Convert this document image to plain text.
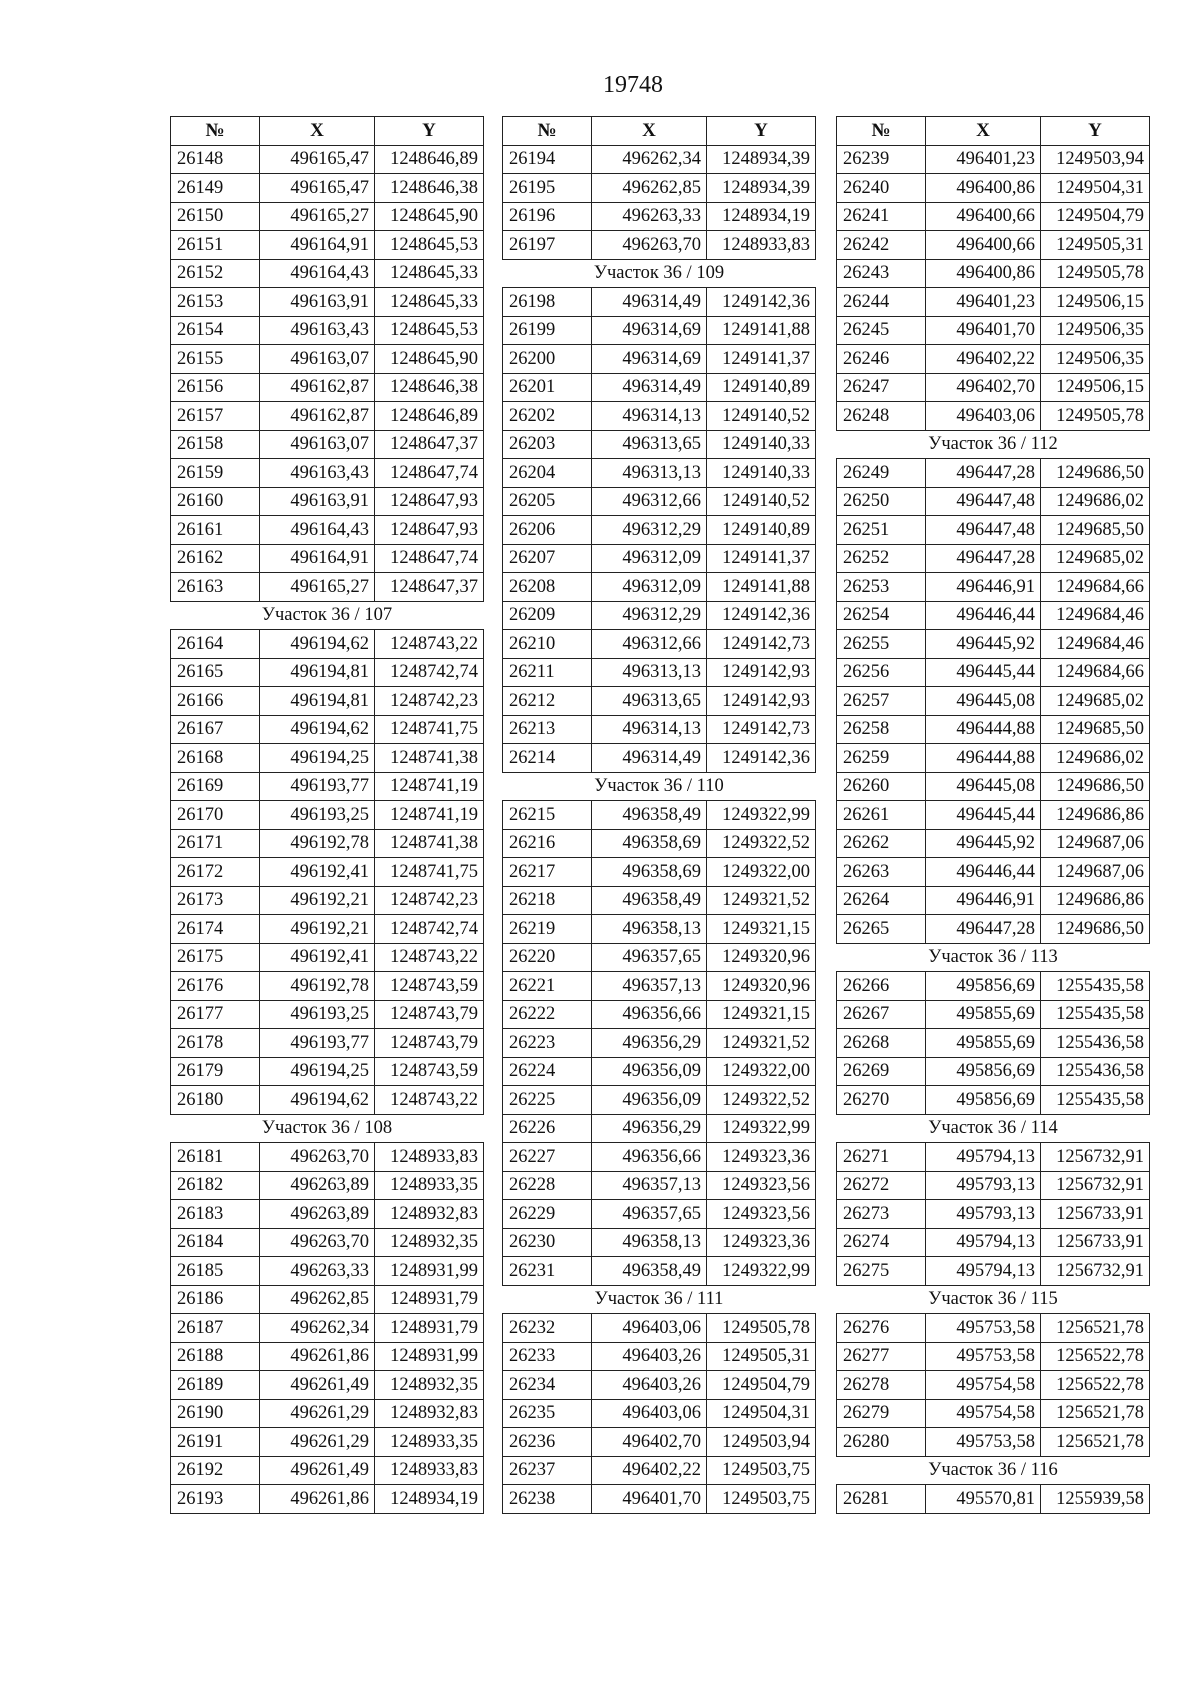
19748
№	X	Y
26148	496165,47	1248646,89
26149	496165,47	1248646,38
26150	496165,27	1248645,90
26151	496164,91	1248645,53
26152	496164,43	1248645,33
26153	496163,91	1248645,33
26154	496163,43	1248645,53
26155	496163,07	1248645,90
26156	496162,87	1248646,38
26157	496162,87	1248646,89
26158	496163,07	1248647,37
26159	496163,43	1248647,74
26160	496163,91	1248647,93
26161	496164,43	1248647,93
26162	496164,91	1248647,74
26163	496165,27	1248647,37
Участок 36 / 107		
26164	496194,62	1248743,22
26165	496194,81	1248742,74
26166	496194,81	1248742,23
26167	496194,62	1248741,75
26168	496194,25	1248741,38
26169	496193,77	1248741,19
26170	496193,25	1248741,19
26171	496192,78	1248741,38
26172	496192,41	1248741,75
26173	496192,21	1248742,23
26174	496192,21	1248742,74
26175	496192,41	1248743,22
26176	496192,78	1248743,59
26177	496193,25	1248743,79
26178	496193,77	1248743,79
26179	496194,25	1248743,59
26180	496194,62	1248743,22
Участок 36 / 108		
26181	496263,70	1248933,83
26182	496263,89	1248933,35
26183	496263,89	1248932,83
26184	496263,70	1248932,35
26185	496263,33	1248931,99
26186	496262,85	1248931,79
26187	496262,34	1248931,79
26188	496261,86	1248931,99
26189	496261,49	1248932,35
26190	496261,29	1248932,83
26191	496261,29	1248933,35
26192	496261,49	1248933,83
26193	496261,86	1248934,19
№	X	Y
26194	496262,34	1248934,39
26195	496262,85	1248934,39
26196	496263,33	1248934,19
26197	496263,70	1248933,83
Участок 36 / 109		
26198	496314,49	1249142,36
26199	496314,69	1249141,88
26200	496314,69	1249141,37
26201	496314,49	1249140,89
26202	496314,13	1249140,52
26203	496313,65	1249140,33
26204	496313,13	1249140,33
26205	496312,66	1249140,52
26206	496312,29	1249140,89
26207	496312,09	1249141,37
26208	496312,09	1249141,88
26209	496312,29	1249142,36
26210	496312,66	1249142,73
26211	496313,13	1249142,93
26212	496313,65	1249142,93
26213	496314,13	1249142,73
26214	496314,49	1249142,36
Участок 36 / 110		
26215	496358,49	1249322,99
26216	496358,69	1249322,52
26217	496358,69	1249322,00
26218	496358,49	1249321,52
26219	496358,13	1249321,15
26220	496357,65	1249320,96
26221	496357,13	1249320,96
26222	496356,66	1249321,15
26223	496356,29	1249321,52
26224	496356,09	1249322,00
26225	496356,09	1249322,52
26226	496356,29	1249322,99
26227	496356,66	1249323,36
26228	496357,13	1249323,56
26229	496357,65	1249323,56
26230	496358,13	1249323,36
26231	496358,49	1249322,99
Участок 36 / 111		
26232	496403,06	1249505,78
26233	496403,26	1249505,31
26234	496403,26	1249504,79
26235	496403,06	1249504,31
26236	496402,70	1249503,94
26237	496402,22	1249503,75
26238	496401,70	1249503,75
№	X	Y
26239	496401,23	1249503,94
26240	496400,86	1249504,31
26241	496400,66	1249504,79
26242	496400,66	1249505,31
26243	496400,86	1249505,78
26244	496401,23	1249506,15
26245	496401,70	1249506,35
26246	496402,22	1249506,35
26247	496402,70	1249506,15
26248	496403,06	1249505,78
Участок 36 / 112		
26249	496447,28	1249686,50
26250	496447,48	1249686,02
26251	496447,48	1249685,50
26252	496447,28	1249685,02
26253	496446,91	1249684,66
26254	496446,44	1249684,46
26255	496445,92	1249684,46
26256	496445,44	1249684,66
26257	496445,08	1249685,02
26258	496444,88	1249685,50
26259	496444,88	1249686,02
26260	496445,08	1249686,50
26261	496445,44	1249686,86
26262	496445,92	1249687,06
26263	496446,44	1249687,06
26264	496446,91	1249686,86
26265	496447,28	1249686,50
Участок 36 / 113		
26266	495856,69	1255435,58
26267	495855,69	1255435,58
26268	495855,69	1255436,58
26269	495856,69	1255436,58
26270	495856,69	1255435,58
Участок 36 / 114		
26271	495794,13	1256732,91
26272	495793,13	1256732,91
26273	495793,13	1256733,91
26274	495794,13	1256733,91
26275	495794,13	1256732,91
Участок 36 / 115		
26276	495753,58	1256521,78
26277	495753,58	1256522,78
26278	495754,58	1256522,78
26279	495754,58	1256521,78
26280	495753,58	1256521,78
Участок 36 / 116		
26281	495570,81	1255939,58
